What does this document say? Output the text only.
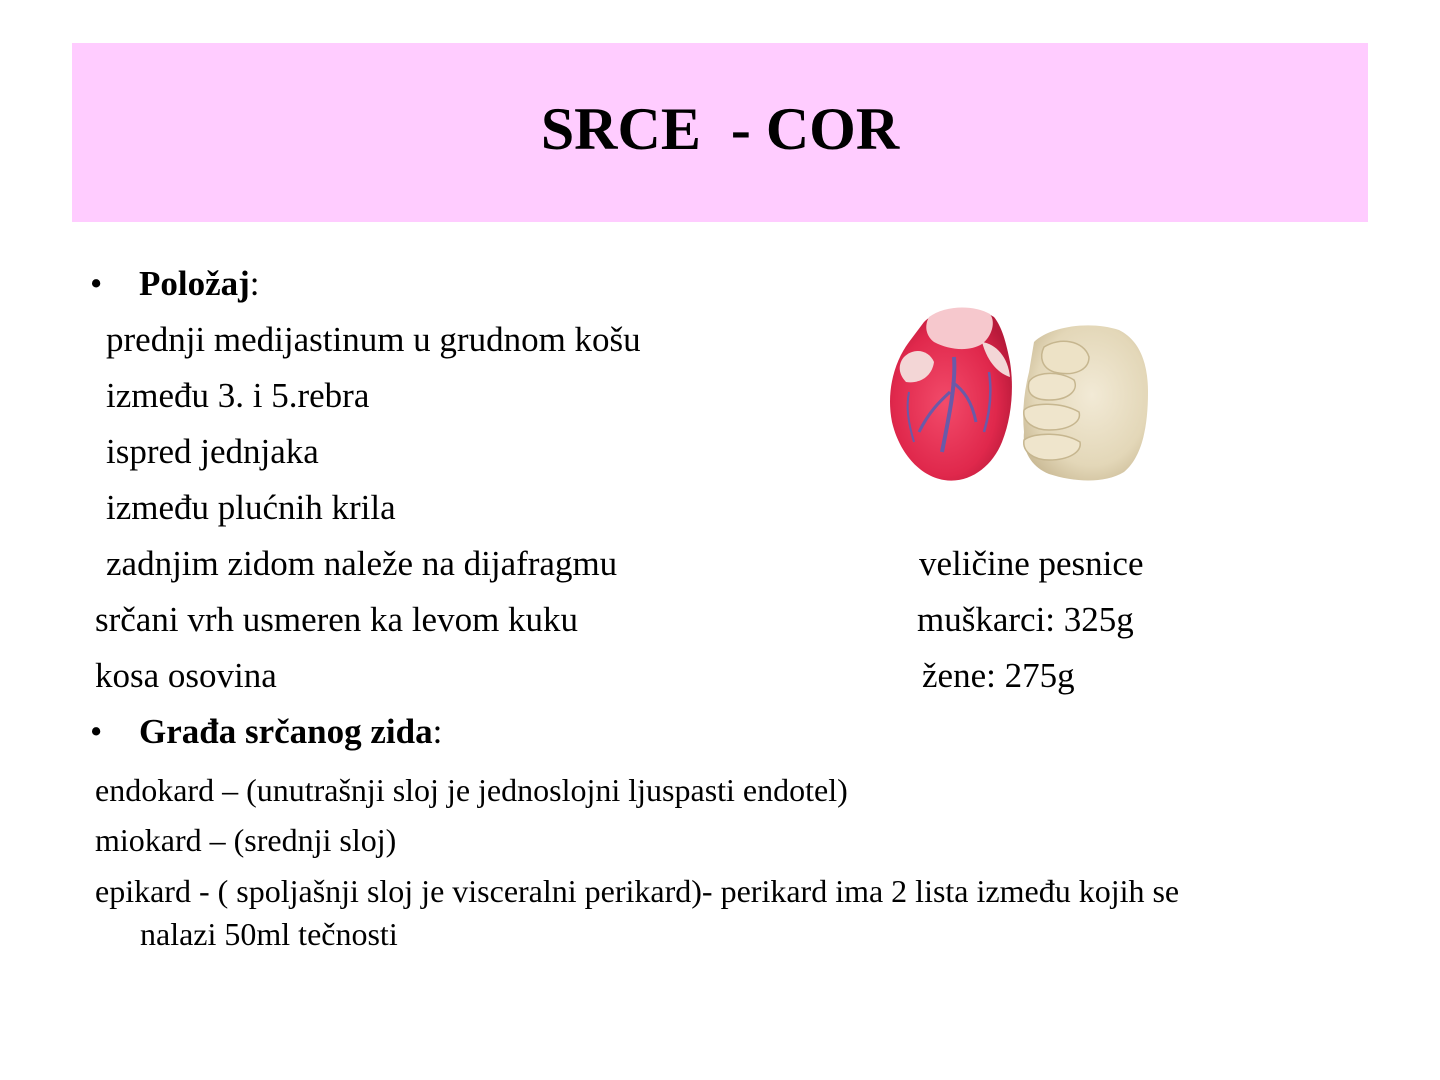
SRCE  - COR

•

Položaj:

prednji medijastinum u grudnom košu
između 3. i 5.rebra
ispred jednjaka
između plućnih krila
zadnjim zidom naleže na dijafragmu
srčani vrh usmeren ka levom kuku
kosa osovina
veličine pesnice
muškarci: 325g
žene: 275g

•

Građa srčanog zida:

endokard – (unutrašnji sloj je jednoslojni ljuspasti endotel)
miokard – (srednji sloj)
epikard - ( spoljašnji sloj je visceralni perikard)- perikard ima 2 lista između kojih se
nalazi 50ml tečnosti
